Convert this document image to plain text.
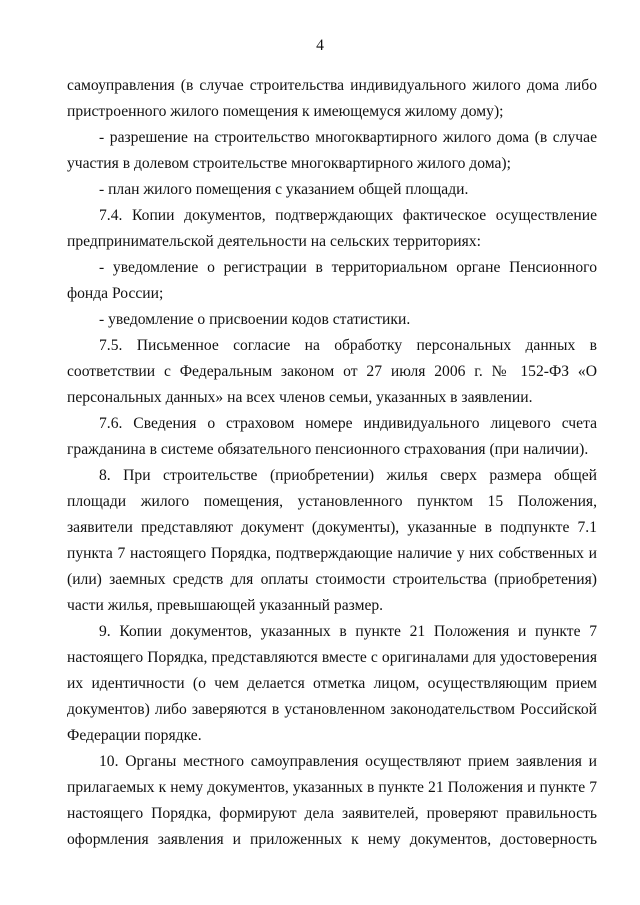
4

самоуправления (в случае строительства индивидуального жилого дома либо пристроенного жилого помещения к имеющемуся жилому дому);

- разрешение на строительство многоквартирного жилого дома (в случае участия в долевом строительстве многоквартирного жилого дома);

- план жилого помещения с указанием общей площади.

7.4. Копии документов, подтверждающих фактическое осуществление предпринимательской деятельности на сельских территориях:

- уведомление о регистрации в территориальном органе Пенсионного фонда России;

- уведомление о присвоении кодов статистики.

7.5. Письменное согласие на обработку персональных данных в соответствии с Федеральным законом от 27 июля 2006 г. № 152-ФЗ «О персональных данных» на всех членов семьи, указанных в заявлении.

7.6. Сведения о страховом номере индивидуального лицевого счета гражданина в системе обязательного пенсионного страхования (при наличии).

8. При строительстве (приобретении) жилья сверх размера общей площади жилого помещения, установленного пунктом 15 Положения, заявители представляют документ (документы), указанные в подпункте 7.1 пункта 7 настоящего Порядка, подтверждающие наличие у них собственных и (или) заемных средств для оплаты стоимости строительства (приобретения) части жилья, превышающей указанный размер.

9. Копии документов, указанных в пункте 21 Положения и пункте 7 настоящего Порядка, представляются вместе с оригиналами для удостоверения их идентичности (о чем делается отметка лицом, осуществляющим прием документов) либо заверяются в установленном законодательством Российской Федерации порядке.

10. Органы местного самоуправления осуществляют прием заявления и прилагаемых к нему документов, указанных в пункте 21 Положения и пункте 7 настоящего Порядка, формируют дела заявителей, проверяют правильность оформления заявления и приложенных к нему документов, достоверность
